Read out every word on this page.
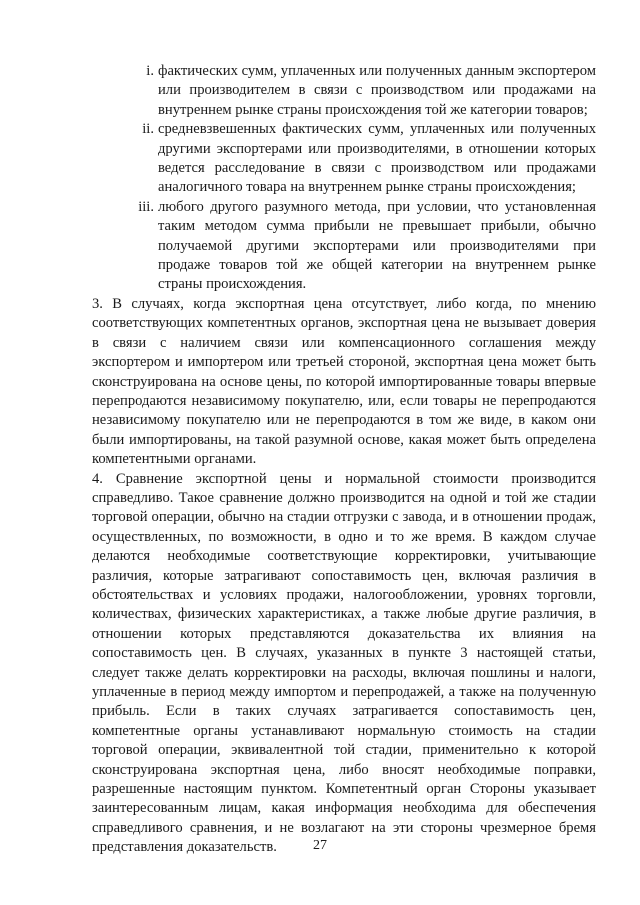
i. фактических сумм, уплаченных или полученных данным экспортером или производителем в связи с производством или продажами на внутреннем рынке страны происхождения той же категории товаров;
ii. средневзвешенных фактических сумм, уплаченных или полученных другими экспортерами или производителями, в отношении которых ведется расследование в связи с производством или продажами аналогичного товара на внутреннем рынке страны происхождения;
iii. любого другого разумного метода, при условии, что установленная таким методом сумма прибыли не превышает прибыли, обычно получаемой другими экспортерами или производителями при продаже товаров той же общей категории на внутреннем рынке страны происхождения.
3. В случаях, когда экспортная цена отсутствует, либо когда, по мнению соответствующих компетентных органов, экспортная цена не вызывает доверия в связи с наличием связи или компенсационного соглашения между экспортером и импортером или третьей стороной, экспортная цена может быть сконструирована на основе цены, по которой импортированные товары впервые перепродаются независимому покупателю, или, если товары не перепродаются независимому покупателю или не перепродаются в том же виде, в каком они были импортированы, на такой разумной основе, какая может быть определена компетентными органами.
4. Сравнение экспортной цены и нормальной стоимости производится справедливо. Такое сравнение должно производится на одной и той же стадии торговой операции, обычно на стадии отгрузки с завода, и в отношении продаж, осуществленных, по возможности, в одно и то же время. В каждом случае делаются необходимые соответствующие корректировки, учитывающие различия, которые затрагивают сопоставимость цен, включая различия в обстоятельствах и условиях продажи, налогообложении, уровнях торговли, количествах, физических характеристиках, а также любые другие различия, в отношении которых представляются доказательства их влияния на сопоставимость цен. В случаях, указанных в пункте 3 настоящей статьи, следует также делать корректировки на расходы, включая пошлины и налоги, уплаченные в период между импортом и перепродажей, а также на полученную прибыль. Если в таких случаях затрагивается сопоставимость цен, компетентные органы устанавливают нормальную стоимость на стадии торговой операции, эквивалентной той стадии, применительно к которой сконструирована экспортная цена, либо вносят необходимые поправки, разрешенные настоящим пунктом. Компетентный орган Стороны указывает заинтересованным лицам, какая информация необходима для обеспечения справедливого сравнения, и не возлагают на эти стороны чрезмерное бремя представления доказательств.	27
